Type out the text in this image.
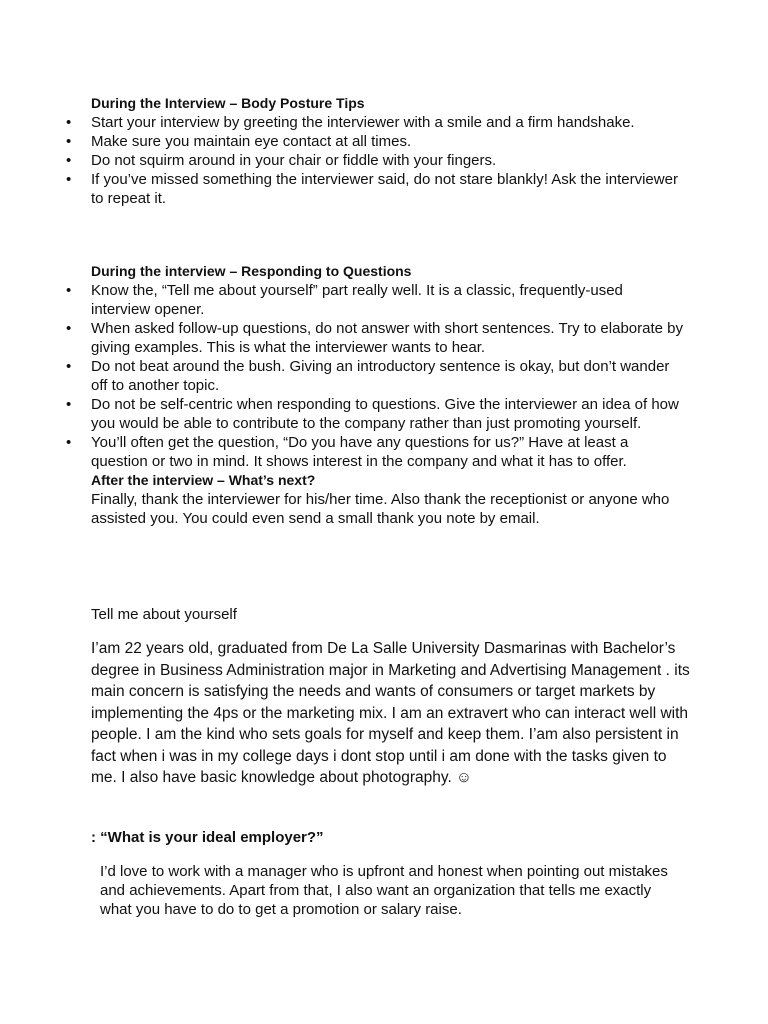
During the Interview – Body Posture Tips
•	Start your interview by greeting the interviewer with a smile and a firm handshake.
•	Make sure you maintain eye contact at all times.
•	Do not squirm around in your chair or fiddle with your fingers.
•	If you’ve missed something the interviewer said, do not stare blankly! Ask the interviewer to repeat it.
During the interview – Responding to Questions
•	Know the, “Tell me about yourself” part really well. It is a classic, frequently-used interview opener.
•	When asked follow-up questions, do not answer with short sentences. Try to elaborate by giving examples. This is what the interviewer wants to hear.
•	Do not beat around the bush. Giving an introductory sentence is okay, but don’t wander off to another topic.
•	Do not be self-centric when responding to questions. Give the interviewer an idea of how you would be able to contribute to the company rather than just promoting yourself.
•	You’ll often get the question, “Do you have any questions for us?” Have at least a question or two in mind. It shows interest in the company and what it has to offer.
After the interview – What’s next?
Finally, thank the interviewer for his/her time. Also thank the receptionist or anyone who assisted you. You could even send a small thank you note by email.
Tell me about yourself
I’am 22 years old, graduated from De La Salle University Dasmarinas with Bachelor’s degree in Business Administration major in Marketing and Advertising Management . its main concern is satisfying the needs and wants of consumers or target markets by implementing the 4ps or the marketing mix. I am an extravert who can interact well with people. I am the kind who sets goals for myself and keep them. I’am also persistent in fact when i was in my college days i dont stop until i am done with the tasks given to me. I also have basic knowledge about photography. ☺
: “What is your ideal employer?”
I’d love to work with a manager who is upfront and honest when pointing out mistakes and achievements. Apart from that, I also want an organization that tells me exactly what you have to do to get a promotion or salary raise.
